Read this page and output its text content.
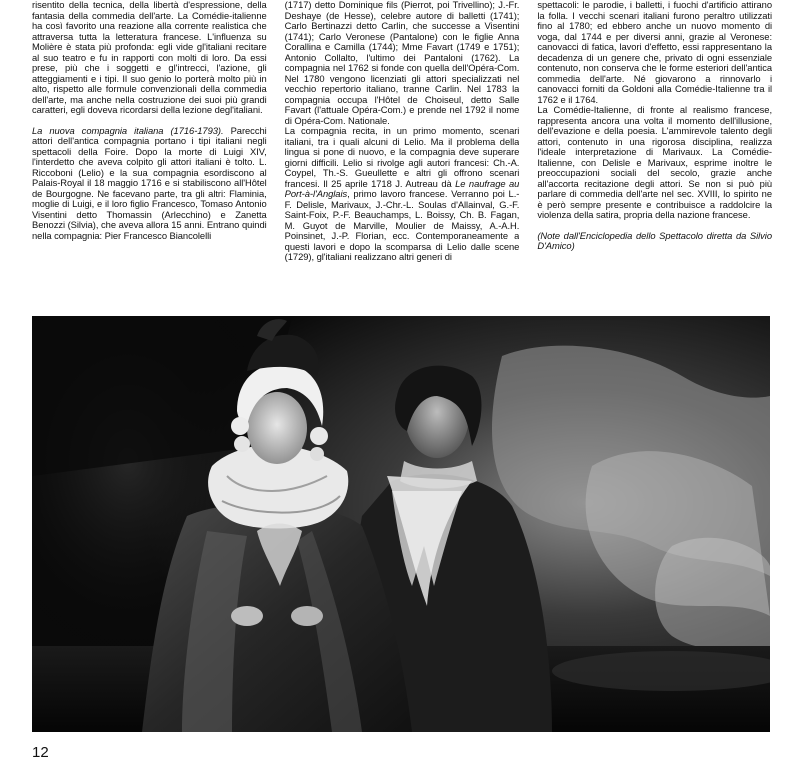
risentito della tecnica, della libertà d'espressione, della fantasia della commedia dell'arte. La Comédie-italienne ha così favorito una reazione alla corrente realistica che attraversa tutta la letteratura francese. L'influenza su Molière è stata più profonda: egli vide gl'italiani recitare al suo teatro e fu in rapporti con molti di loro. Da essi prese, più che i soggetti e gl'intrecci, l'azione, gli atteggiamenti e i tipi. Il suo genio lo porterà molto più in alto, rispetto alle formule convenzionali della commedia dell'arte, ma anche nella costruzione dei suoi più grandi caratteri, egli doveva ricordarsi della lezione degl'italiani.

La nuova compagnia italiana (1716-1793). Parecchi attori dell'antica compagnia portano i tipi italiani negli spettacoli della Foire. Dopo la morte di Luigi XIV, l'interdetto che aveva colpito gli attori italiani è tolto. L. Riccoboni (Lelio) e la sua compagnia esordiscono al Palais-Royal il 18 maggio 1716 e si stabiliscono all'Hôtel de Bourgogne. Ne facevano parte, tra gli altri: Flaminia, moglie di Luigi, e il loro figlio Francesco, Tomaso Antonio Visentini detto Thomassin (Arlecchino) e Zanetta Benozzi (Silvia), che aveva allora 15 anni. Entrano quindi nella compagnia: Pier Francesco Biancolelli

(1717) detto Dominique fils (Pierrot, poi Trivellino); J.-Fr. Deshaye (de Hesse), celebre autore di balletti (1741); Carlo Bertinazzi detto Carlin, che successe a Visentini (1741); Carlo Veronese (Pantalone) con le figlie Anna Corallina e Camilla (1744); Mme Favart (1749 e 1751); Antonio Collalto, l'ultimo dei Pantaloni (1762). La compagnia nel 1762 si fonde con quella dell'Opéra-Com. Nel 1780 vengono licenziati gli attori specializzati nel vecchio repertorio italiano, tranne Carlin. Nel 1783 la compagnia occupa l'Hôtel de Choiseul, detto Salle Favart (l'attuale Opéra-Com.) e prende nel 1792 il nome di Opéra-Com. Nationale.

La compagnia recita, in un primo momento, scenari italiani, tra i quali alcuni di Lelio. Ma il problema della lingua si pone di nuovo, e la compagnia deve superare giorni difficili. Lelio si rivolge agli autori francesi: Ch.-A. Coypel, Th.-S. Gueullette e altri gli offrono scenari francesi. Il 25 aprile 1718 J. Autreau dà Le naufrage au Port-à-l'Anglais, primo lavoro francese. Verranno poi L.-F. Delisle, Marivaux, J.-Chr.-L. Soulas d'Allainval, G.-F. Saint-Foix, P.-F. Beauchamps, L. Boissy, Ch. B. Fagan, M. Guyot de Marville, Moulier de Maissy, A.-A.H. Poinsinet, J.-P. Florian, ecc. Contemporaneamente a questi lavori e dopo la scomparsa di Lelio dalle scene (1729), gl'italiani realizzano altri generi di

spettacoli: le parodie, i balletti, i fuochi d'artificio attirano la folla. I vecchi scenari italiani furono peraltro utilizzati fino al 1780; ed ebbero anche un nuovo momento di voga, dal 1744 e per diversi anni, grazie al Veronese: canovacci di fatica, lavori d'effetto, essi rappresentano la decadenza di un genere che, privato di ogni essenziale contenuto, non conserva che le forme esteriori dell'antica commedia dell'arte. Né giovarono a rinnovarlo i canovacci forniti da Goldoni alla Comédie-Italienne tra il 1762 e il 1764.

La Comédie-Italienne, di fronte al realismo francese, rappresenta ancora una volta il momento dell'illusione, dell'evazione e della poesia. L'ammirevole talento degli attori, contenuto in una rigorosa disciplina, realizza l'ideale interpretazione di Marivaux. La Comédie-Italienne, con Delisle e Marivaux, esprime inoltre le preoccupazioni sociali del secolo, grazie anche all'accorta recitazione degli attori. Se non si può più parlare di commedia dell'arte nel sec. XVIII, lo spirito ne è però sempre presente e contribuisce a raddolcire la violenza della satira, propria della nazione francese.

(Note dall'Enciclopedia dello Spettacolo diretta da Silvio D'Amico)

12
